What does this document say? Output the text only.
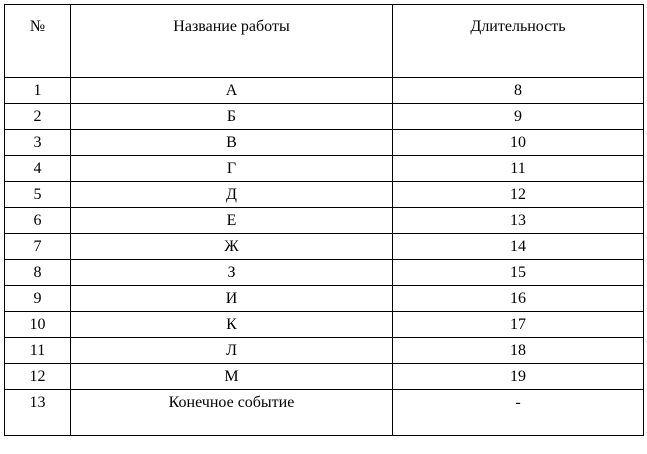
№	Название работы	Длительность
1	А	8
2	Б	9
3	В	10
4	Г	11
5	Д	12
6	Е	13
7	Ж	14
8	З	15
9	И	16
10	К	17
11	Л	18
12	М	19
13	Конечное событие	-
